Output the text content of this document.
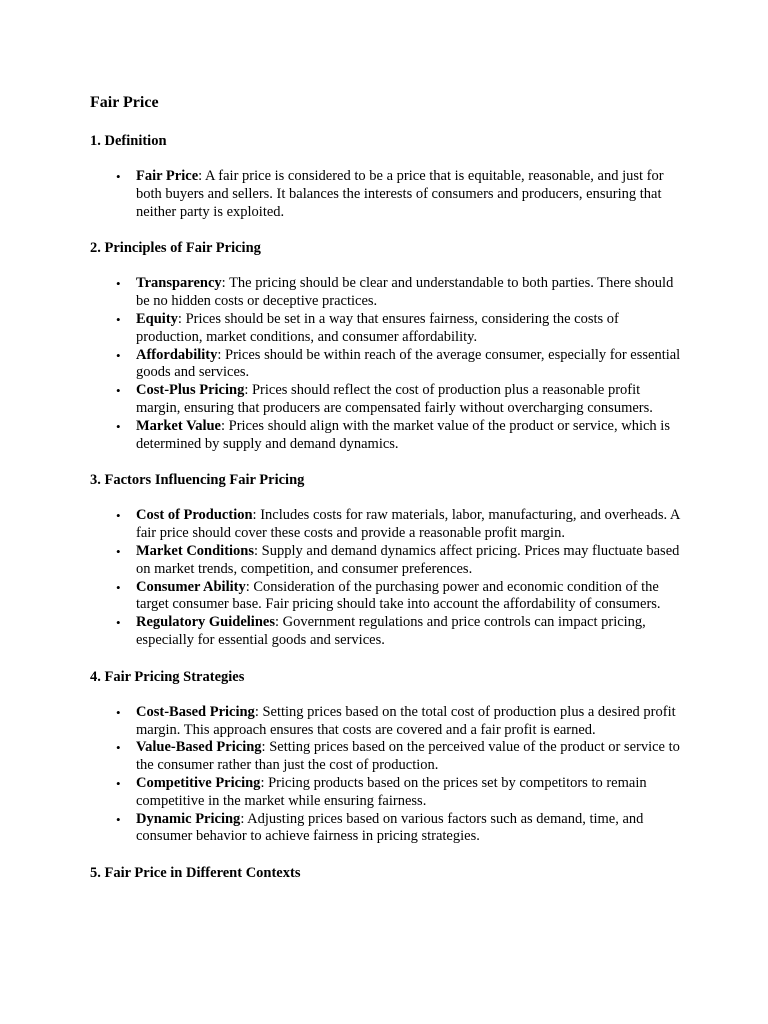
Fair Price
1. Definition
• Fair Price: A fair price is considered to be a price that is equitable, reasonable, and just for both buyers and sellers. It balances the interests of consumers and producers, ensuring that neither party is exploited.
2. Principles of Fair Pricing
• Transparency: The pricing should be clear and understandable to both parties. There should be no hidden costs or deceptive practices.
• Equity: Prices should be set in a way that ensures fairness, considering the costs of production, market conditions, and consumer affordability.
• Affordability: Prices should be within reach of the average consumer, especially for essential goods and services.
• Cost-Plus Pricing: Prices should reflect the cost of production plus a reasonable profit margin, ensuring that producers are compensated fairly without overcharging consumers.
• Market Value: Prices should align with the market value of the product or service, which is determined by supply and demand dynamics.
3. Factors Influencing Fair Pricing
• Cost of Production: Includes costs for raw materials, labor, manufacturing, and overheads. A fair price should cover these costs and provide a reasonable profit margin.
• Market Conditions: Supply and demand dynamics affect pricing. Prices may fluctuate based on market trends, competition, and consumer preferences.
• Consumer Ability: Consideration of the purchasing power and economic condition of the target consumer base. Fair pricing should take into account the affordability of consumers.
• Regulatory Guidelines: Government regulations and price controls can impact pricing, especially for essential goods and services.
4. Fair Pricing Strategies
• Cost-Based Pricing: Setting prices based on the total cost of production plus a desired profit margin. This approach ensures that costs are covered and a fair profit is earned.
• Value-Based Pricing: Setting prices based on the perceived value of the product or service to the consumer rather than just the cost of production.
• Competitive Pricing: Pricing products based on the prices set by competitors to remain competitive in the market while ensuring fairness.
• Dynamic Pricing: Adjusting prices based on various factors such as demand, time, and consumer behavior to achieve fairness in pricing strategies.
5. Fair Price in Different Contexts
